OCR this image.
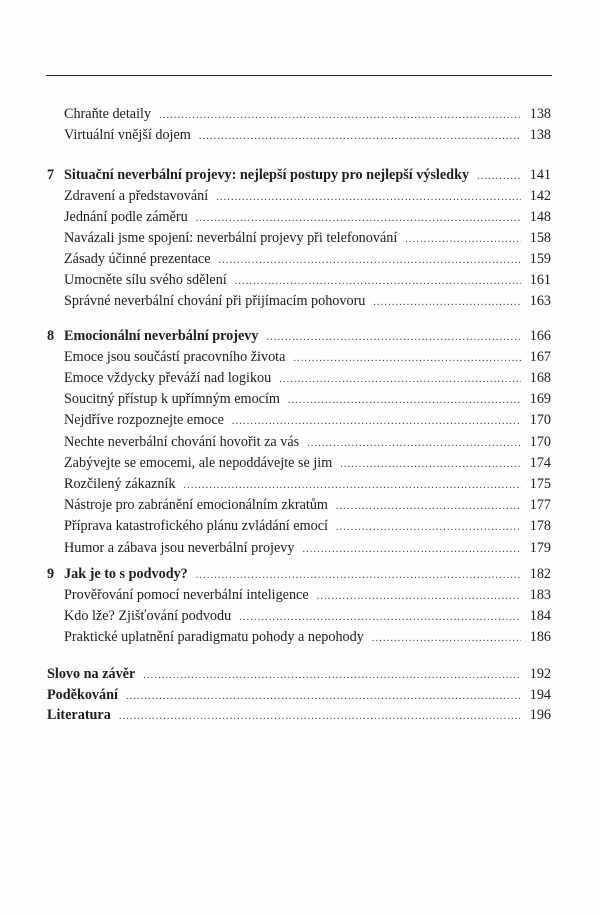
Chraňte detaily .....	138
Virtuální vnější dojem .....	138
7 Situační neverbální projevy: nejlepší postupy pro nejlepší výsledky .....	141
Zdravení a představování .....	142
Jednání podle záměru .....	148
Navázali jsme spojení: neverbální projevy při telefonování .....	158
Zásady účinné prezentace .....	159
Umocněte sílu svého sdělení .....	161
Správné neverbální chování při přijímacím pohovoru .....	163
8 Emocionální neverbální projevy .....	166
Emoce jsou součástí pracovního života .....	167
Emoce vždycky převáží nad logikou .....	168
Soucitný přístup k upřímným emocím .....	169
Nejdříve rozpoznejte emoce .....	170
Nechte neverbální chování hovořit za vás .....	170
Zabývejte se emocemi, ale nepoddávejte se jim .....	174
Rozčilený zákazník .....	175
Nástroje pro zabránění emocionálním zkratům .....	177
Příprava katastrofického plánu zvládání emocí .....	178
Humor a zábava jsou neverbální projevy .....	179
9 Jak je to s podvody? .....	182
Prověřování pomocí neverbální inteligence .....	183
Kdo lže? Zjišťování podvodu .....	184
Praktické uplatnění paradigmatu pohody a nepohody .....	186
Slovo na závěr .....	192
Poděkování .....	194
Literatura .....	196
